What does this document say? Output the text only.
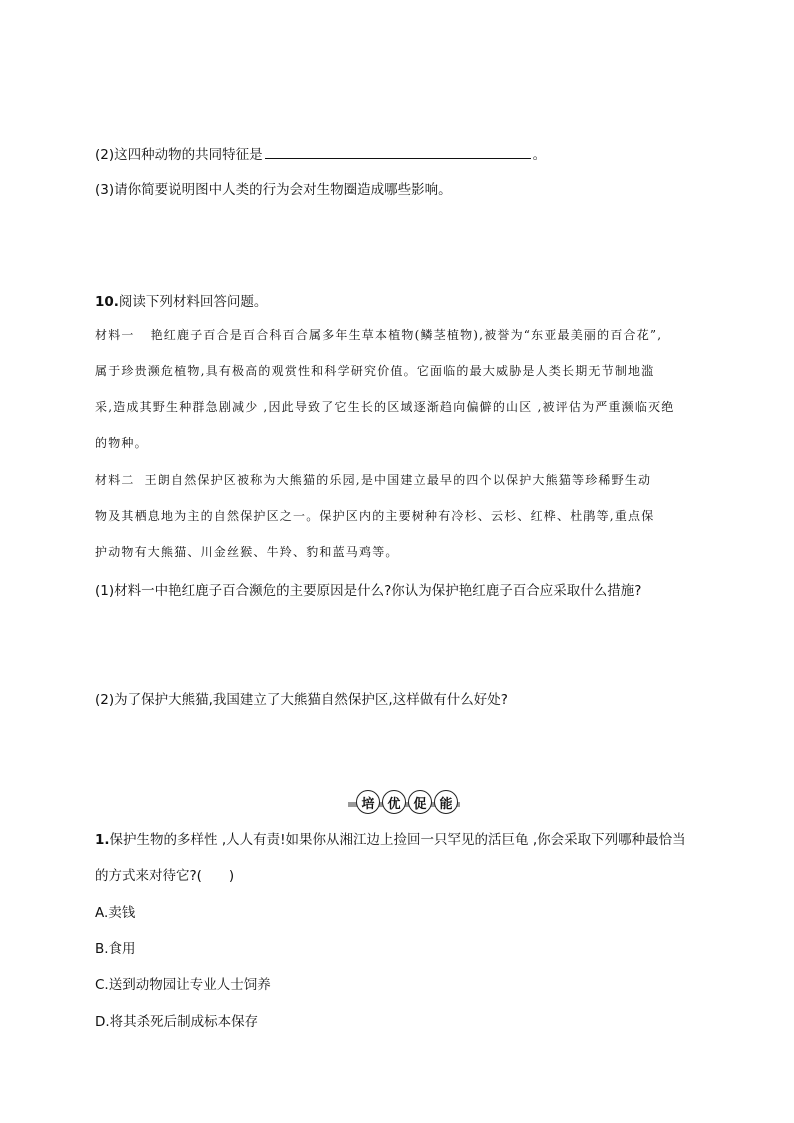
(2)这四种动物的共同特征是	。
(3)请你简要说明图中人类的行为会对生物圈造成哪些影响。
10.阅读下列材料回答问题。
材料一 艳红鹿子百合是百合科百合属多年生草本植物(鳞茎植物),被誉为“东亚最美丽的百合花”,
属于珍贵濒危植物,具有极高的观赏性和科学研究价值。它面临的最大威胁是人类长期无节制地滥
采,造成其野生种群急剧减少 ,因此导致了它生长的区域逐渐趋向偏僻的山区 ,被评估为严重濒临灭绝
的物种。
材料二 王朗自然保护区被称为大熊猫的乐园,是中国建立最早的四个以保护大熊猫等珍稀野生动
物及其栖息地为主的自然保护区之一。保护区内的主要树种有冷杉、云杉、红桦、杜鹃等,重点保
护动物有大熊猫、川金丝猴、牛羚、豹和蓝马鸡等。
(1)材料一中艳红鹿子百合濒危的主要原因是什么?你认为保护艳红鹿子百合应采取什么措施?
(2)为了保护大熊猫,我国建立了大熊猫自然保护区,这样做有什么好处?
培 优 促 能
1.保护生物的多样性 ,人人有责!如果你从湘江边上捡回一只罕见的活巨龟 ,你会采取下列哪种最恰当
的方式来对待它?(　　)
A.卖钱
B.食用
C.送到动物园让专业人士饲养
D.将其杀死后制成标本保存
